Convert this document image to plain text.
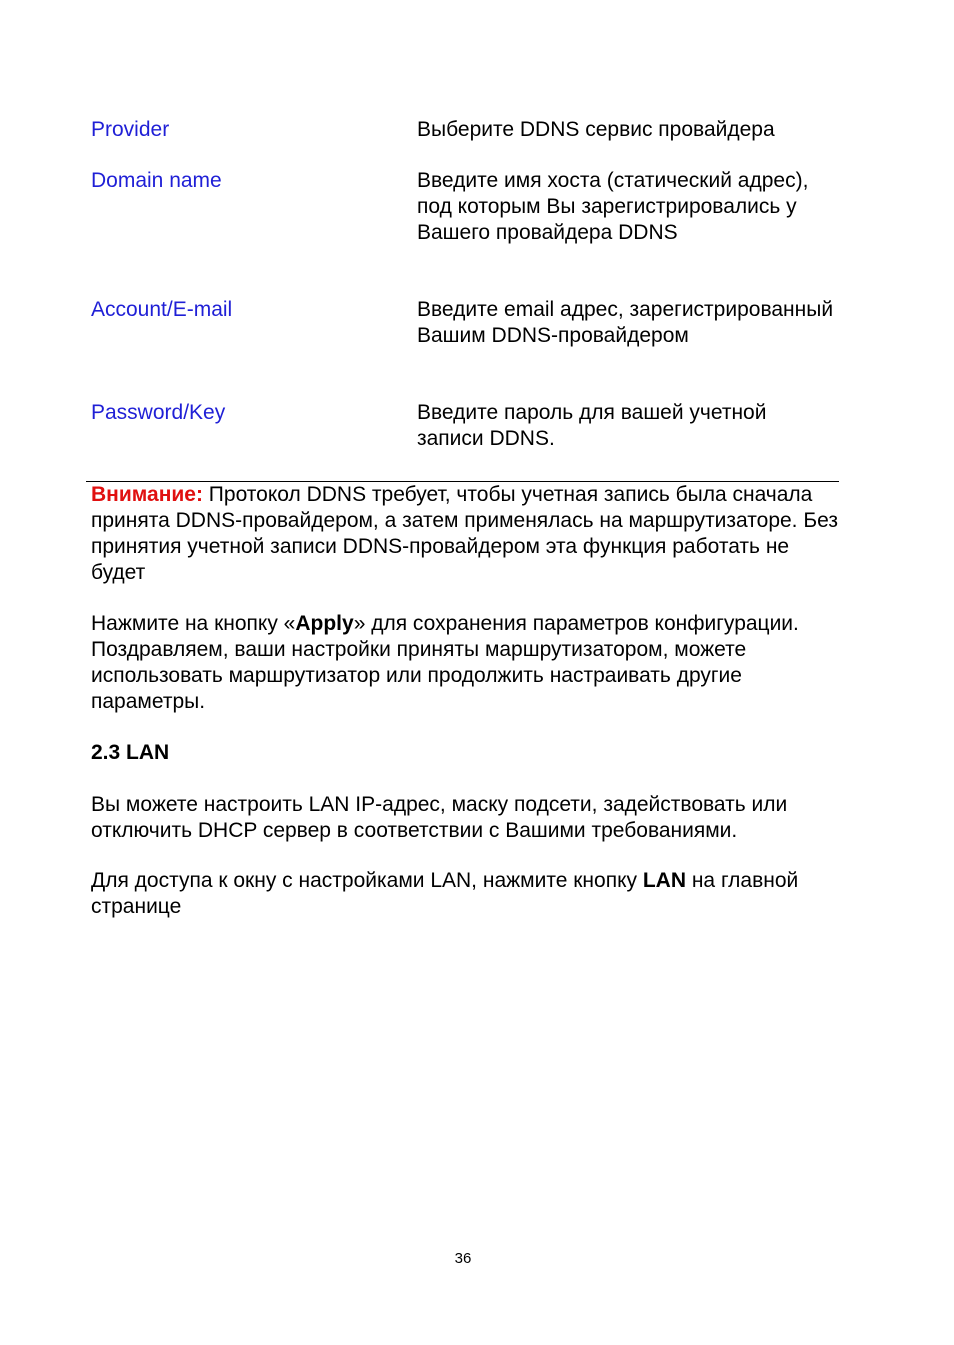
Provider	Выберите DDNS сервис провайдера
Domain name	Введите имя хоста (статический адрес), под которым Вы зарегистрировались у Вашего провайдера DDNS
Account/E-mail	Введите email адрес, зарегистрированный Вашим DDNS-провайдером
Password/Key	Введите пароль для вашей учетной записи DDNS.

Внимание: Протокол DDNS требует, чтобы учетная запись была сначала принята DDNS-провайдером, а затем применялась на маршрутизаторе. Без принятия учетной записи DDNS-провайдером эта функция работать не будет

Нажмите на кнопку «Apply» для сохранения параметров конфигурации. Поздравляем, ваши настройки приняты маршрутизатором, можете использовать маршрутизатор или продолжить настраивать другие параметры.

2.3 LAN

Вы можете настроить LAN IP-адрес, маску подсети, задействовать или отключить DHCP сервер в соответствии с Вашими требованиями.

Для доступа к окну с настройками LAN, нажмите кнопку LAN на главной странице

36
